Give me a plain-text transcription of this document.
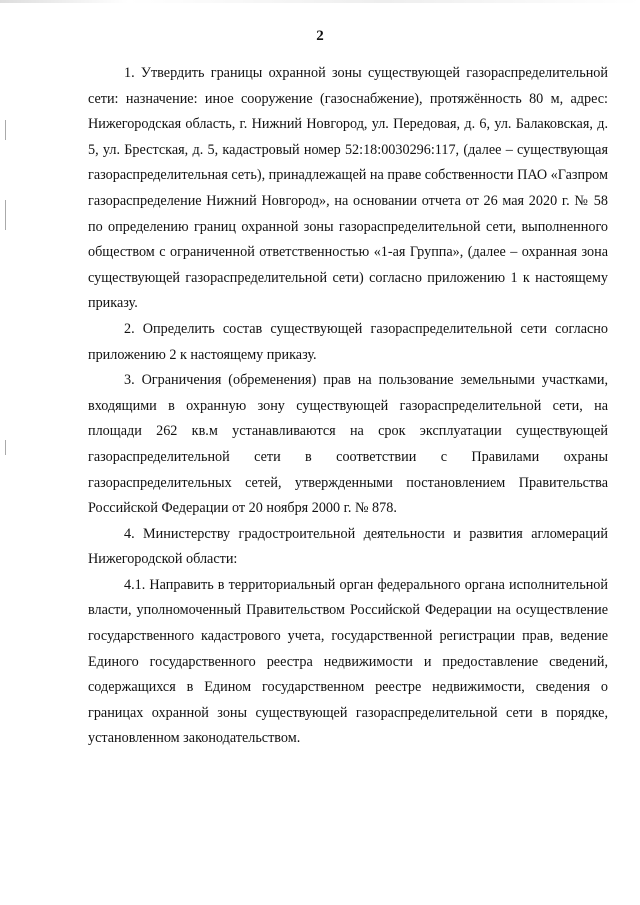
2

1. Утвердить границы охранной зоны существующей газораспределительной сети: назначение: иное сооружение (газоснабжение), протяжённость 80 м, адрес: Нижегородская область, г. Нижний Новгород, ул. Передовая, д. 6, ул. Балаковская, д. 5, ул. Брестская, д. 5, кадастровый номер 52:18:0030296:117, (далее – существующая газораспределительная сеть), принадлежащей на праве собственности ПАО «Газпром газораспределение Нижний Новгород», на основании отчета от 26 мая 2020 г. № 58 по определению границ охранной зоны газораспределительной сети, выполненного обществом с ограниченной ответственностью «1-ая Группа», (далее – охранная зона существующей газораспределительной сети) согласно приложению 1 к настоящему приказу.

2. Определить состав существующей газораспределительной сети согласно приложению 2 к настоящему приказу.

3. Ограничения (обременения) прав на пользование земельными участками, входящими в охранную зону существующей газораспределительной сети, на площади 262 кв.м устанавливаются на срок эксплуатации существующей газораспределительной сети в соответствии с Правилами охраны газораспределительных сетей, утвержденными постановлением Правительства Российской Федерации от 20 ноября 2000 г. № 878.

4. Министерству градостроительной деятельности и развития агломераций Нижегородской области:

4.1. Направить в территориальный орган федерального органа исполнительной власти, уполномоченный Правительством Российской Федерации на осуществление государственного кадастрового учета, государственной регистрации прав, ведение Единого государственного реестра недвижимости и предоставление сведений, содержащихся в Едином государственном реестре недвижимости, сведения о границах охранной зоны существующей газораспределительной сети в порядке, установленном законодательством.
